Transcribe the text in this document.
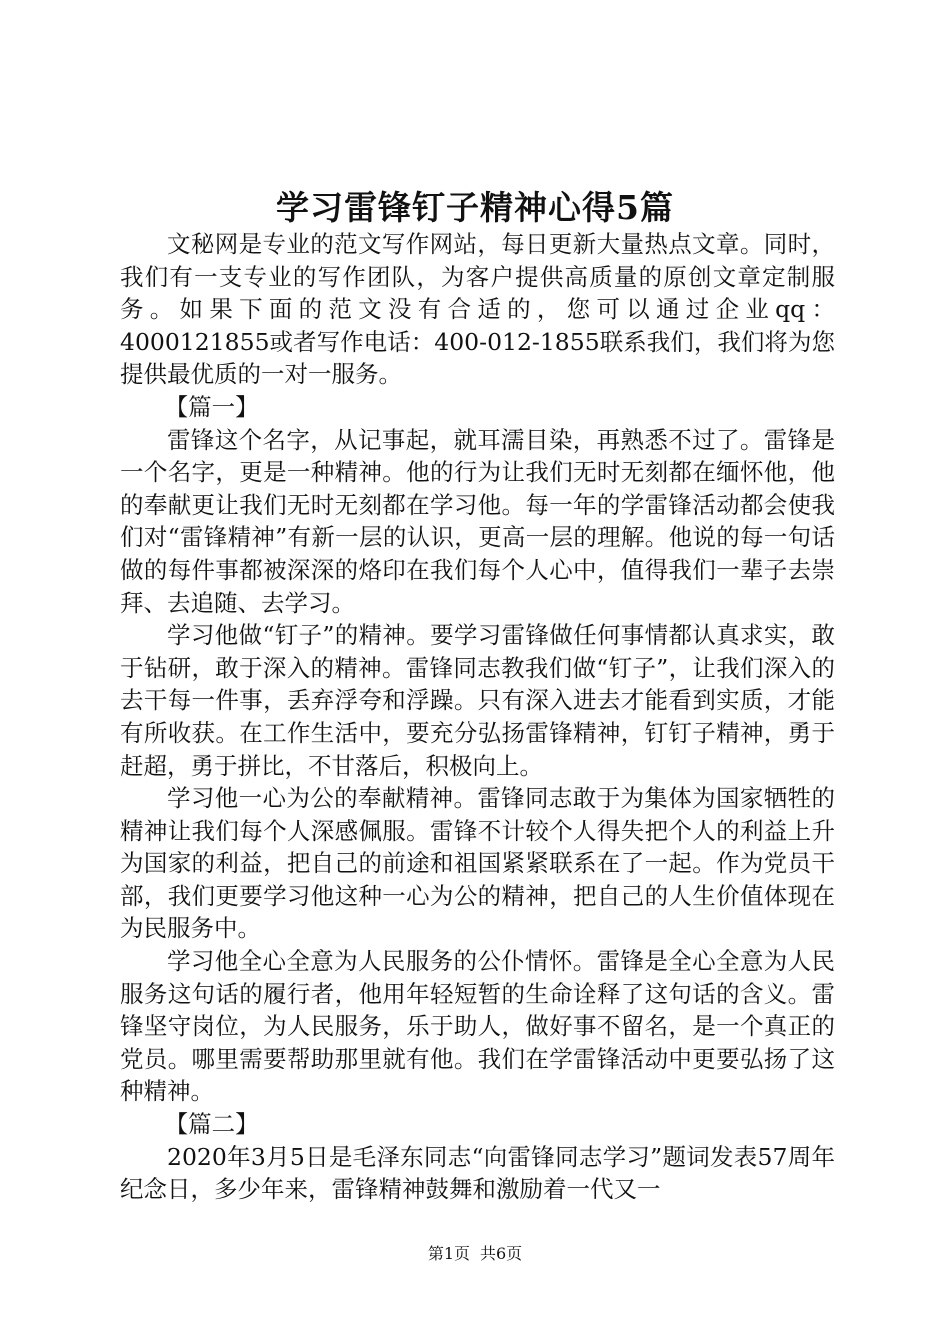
学习雷锋钉子精神心得5篇

文秘网是专业的范文写作网站，每日更新大量热点文章。同时，我们有一支专业的写作团队，为客户提供高质量的原创文章定制服务。如果下面的范文没有合适的，您可以通过企业qq：4000121855或者写作电话：400-012-1855联系我们，我们将为您提供最优质的一对一服务。

【篇一】

雷锋这个名字，从记事起，就耳濡目染，再熟悉不过了。雷锋是一个名字，更是一种精神。他的行为让我们无时无刻都在缅怀他，他的奉献更让我们无时无刻都在学习他。每一年的学雷锋活动都会使我们对“雷锋精神”有新一层的认识，更高一层的理解。他说的每一句话做的每件事都被深深的烙印在我们每个人心中，值得我们一辈子去崇拜、去追随、去学习。

学习他做“钉子”的精神。要学习雷锋做任何事情都认真求实，敢于钻研，敢于深入的精神。雷锋同志教我们做“钉子”，让我们深入的去干每一件事，丢弃浮夸和浮躁。只有深入进去才能看到实质，才能有所收获。在工作生活中，要充分弘扬雷锋精神，钉钉子精神，勇于赶超，勇于拼比，不甘落后，积极向上。

学习他一心为公的奉献精神。雷锋同志敢于为集体为国家牺牲的精神让我们每个人深感佩服。雷锋不计较个人得失把个人的利益上升为国家的利益，把自己的前途和祖国紧紧联系在了一起。作为党员干部，我们更要学习他这种一心为公的精神，把自己的人生价值体现在为民服务中。

学习他全心全意为人民服务的公仆情怀。雷锋是全心全意为人民服务这句话的履行者，他用年轻短暂的生命诠释了这句话的含义。雷锋坚守岗位，为人民服务，乐于助人，做好事不留名，是一个真正的党员。哪里需要帮助那里就有他。我们在学雷锋活动中更要弘扬了这种精神。

【篇二】

2020年3月5日是毛泽东同志“向雷锋同志学习”题词发表57周年纪念日，多少年来，雷锋精神鼓舞和激励着一代又一

第1页 共6页
